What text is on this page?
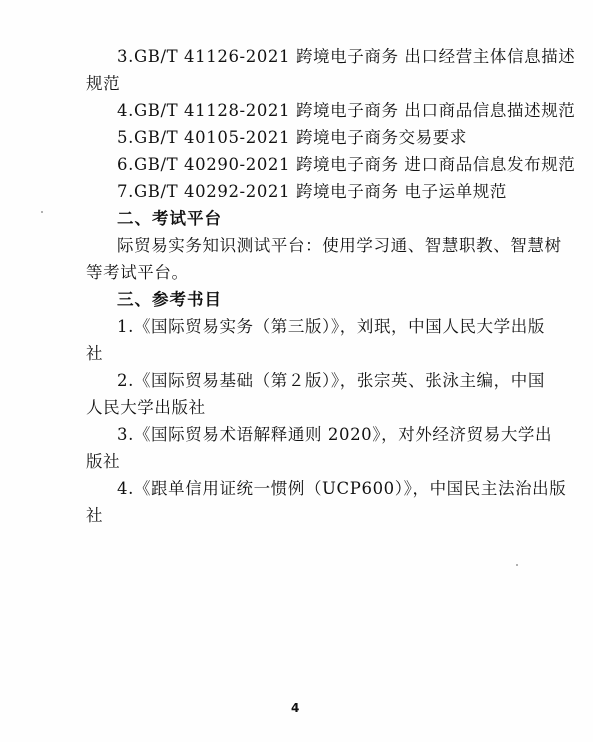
3.GB/T 41126-2021 跨境电子商务 出口经营主体信息描述
规范
4.GB/T 41128-2021 跨境电子商务 出口商品信息描述规范
5.GB/T 40105-2021 跨境电子商务交易要求
6.GB/T 40290-2021 跨境电子商务 进口商品信息发布规范
7.GB/T 40292-2021 跨境电子商务 电子运单规范
二、考试平台
际贸易实务知识测试平台：使用学习通、智慧职教、智慧树
等考试平台。
三、参考书目
1.《国际贸易实务（第三版）》，刘珉，中国人民大学出版
社
2.《国际贸易基础（第２版）》，张宗英、张泳主编，中国
人民大学出版社
3.《国际贸易术语解释通则 2020》，对外经济贸易大学出
版社
4.《跟单信用证统一惯例（UCP600）》，中国民主法治出版
社
4
